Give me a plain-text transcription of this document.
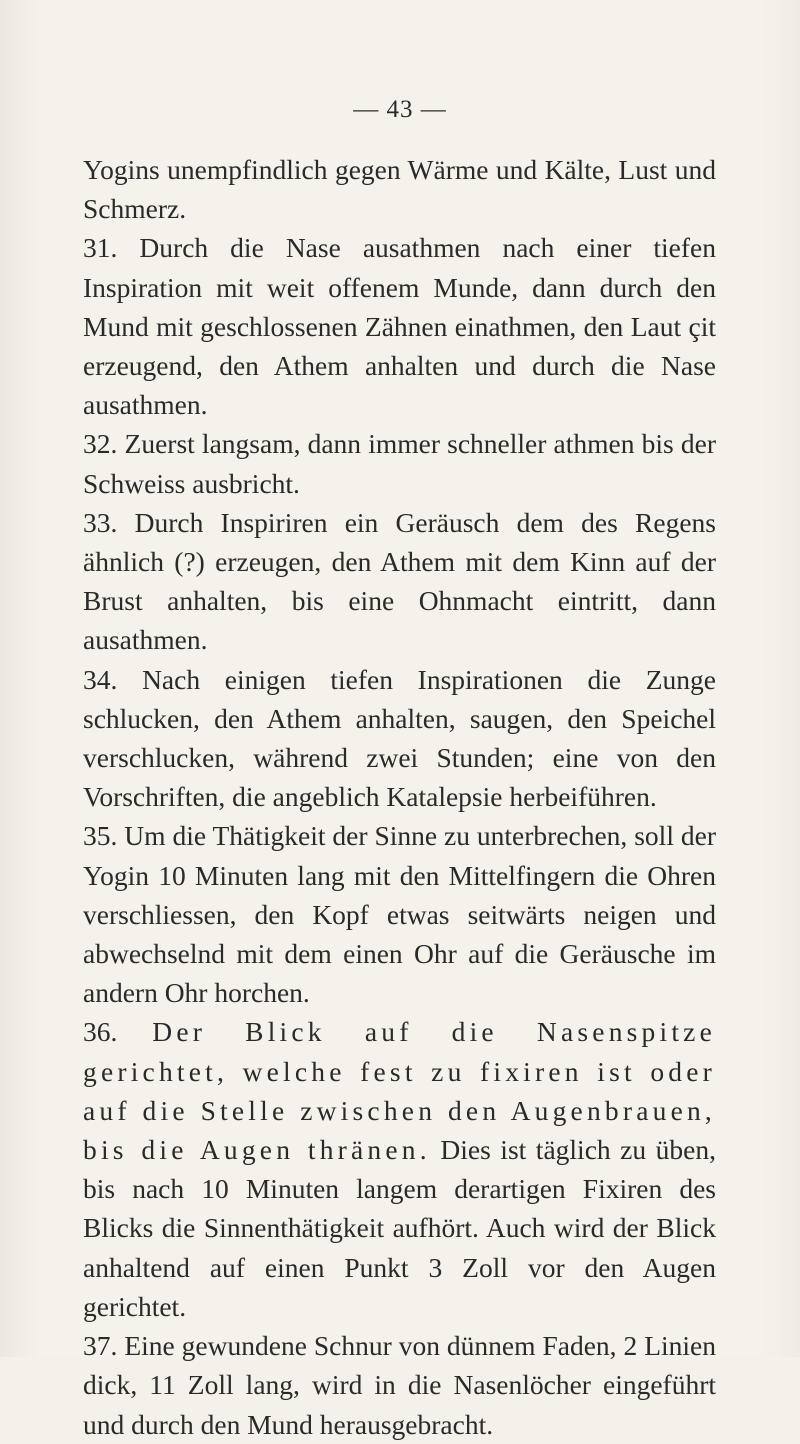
— 43 —

Yogins unempfindlich gegen Wärme und Kälte, Lust und Schmerz.

31. Durch die Nase ausathmen nach einer tiefen Inspiration mit weit offenem Munde, dann durch den Mund mit geschlossenen Zähnen einathmen, den Laut çit erzeugend, den Athem anhalten und durch die Nase ausathmen.

32. Zuerst langsam, dann immer schneller athmen bis der Schweiss ausbricht.

33. Durch Inspiriren ein Geräusch dem des Regens ähnlich (?) erzeugen, den Athem mit dem Kinn auf der Brust anhalten, bis eine Ohnmacht eintritt, dann ausathmen.

34. Nach einigen tiefen Inspirationen die Zunge schlucken, den Athem anhalten, saugen, den Speichel verschlucken, während zwei Stunden; eine von den Vorschriften, die angeblich Katalepsie herbeiführen.

35. Um die Thätigkeit der Sinne zu unterbrechen, soll der Yogin 10 Minuten lang mit den Mittelfingern die Ohren verschliessen, den Kopf etwas seitwärts neigen und abwechselnd mit dem einen Ohr auf die Geräusche im andern Ohr horchen.

36. Der Blick auf die Nasenspitze gerichtet, welche fest zu fixiren ist oder auf die Stelle zwischen den Augenbrauen, bis die Augen thränen. Dies ist täglich zu üben, bis nach 10 Minuten langem derartigen Fixiren des Blicks die Sinnenthätigkeit aufhört. Auch wird der Blick anhaltend auf einen Punkt 3 Zoll vor den Augen gerichtet.

37. Eine gewundene Schnur von dünnem Faden, 2 Linien dick, 11 Zoll lang, wird in die Nasenlöcher eingeführt und durch den Mund herausgebracht.
